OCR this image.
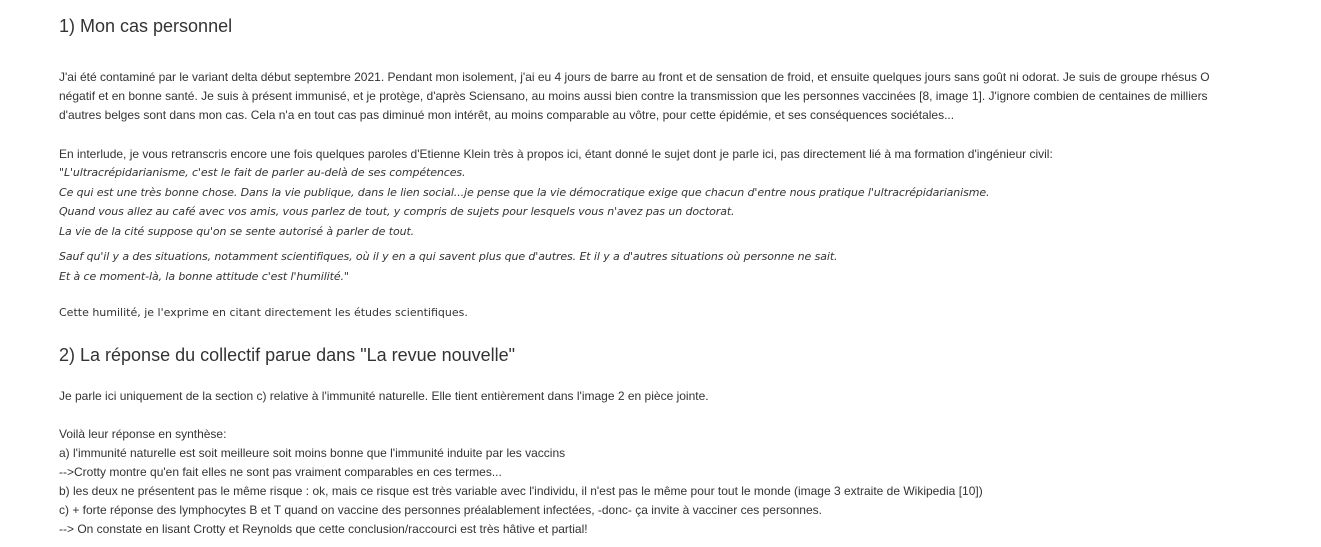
1) Mon cas personnel
J'ai été contaminé par le variant delta début septembre 2021. Pendant mon isolement, j'ai eu 4 jours de barre au front et de sensation de froid, et ensuite quelques jours sans goût ni odorat. Je suis de groupe rhésus O
négatif et en bonne santé. Je suis à présent immunisé, et je protège, d'après Sciensano, au moins aussi bien contre la transmission que les personnes vaccinées [8, image 1]. J'ignore combien de centaines de milliers
d'autres belges sont dans mon cas. Cela n'a en tout cas pas diminué mon intérêt, au moins comparable au vôtre, pour cette épidémie, et ses conséquences sociétales...
En interlude, je vous retranscris encore une fois quelques paroles d'Etienne Klein très à propos ici, étant donné le sujet dont je parle ici, pas directement lié à ma formation d'ingénieur civil:
"L'ultracrépidarianisme, c'est le fait de parler au-delà de ses compétences.
Ce qui est une très bonne chose. Dans la vie publique, dans le lien social...je pense que la vie démocratique exige que chacun d'entre nous pratique l'ultracrépidarianisme.
Quand vous allez au café avec vos amis, vous parlez de tout, y compris de sujets pour lesquels vous n'avez pas un doctorat.
La vie de la cité suppose qu'on se sente autorisé à parler de tout.
Sauf qu'il y a des situations, notamment scientifiques, où il y en a qui savent plus que d'autres. Et il y a d'autres situations où personne ne sait.
Et à ce moment-là, la bonne attitude c'est l'humilité."
Cette humilité, je l'exprime en citant directement les études scientifiques.
2) La réponse du collectif parue dans "La revue nouvelle"
Je parle ici uniquement de la section c) relative à l'immunité naturelle. Elle tient entièrement dans l'image 2 en pièce jointe.
Voilà leur réponse en synthèse:
a) l'immunité naturelle est soit meilleure soit moins bonne que l'immunité induite par les vaccins
-->Crotty montre qu'en fait elles ne sont pas vraiment comparables en ces termes...
b) les deux ne présentent pas le même risque : ok, mais ce risque est très variable avec l'individu, il n'est pas le même pour tout le monde (image 3 extraite de Wikipedia [10])
c) + forte réponse des lymphocytes B et T quand on vaccine des personnes préalablement infectées, -donc- ça invite à vacciner ces personnes.
--> On constate en lisant Crotty et Reynolds que cette conclusion/raccourci est très hâtive et partial!
